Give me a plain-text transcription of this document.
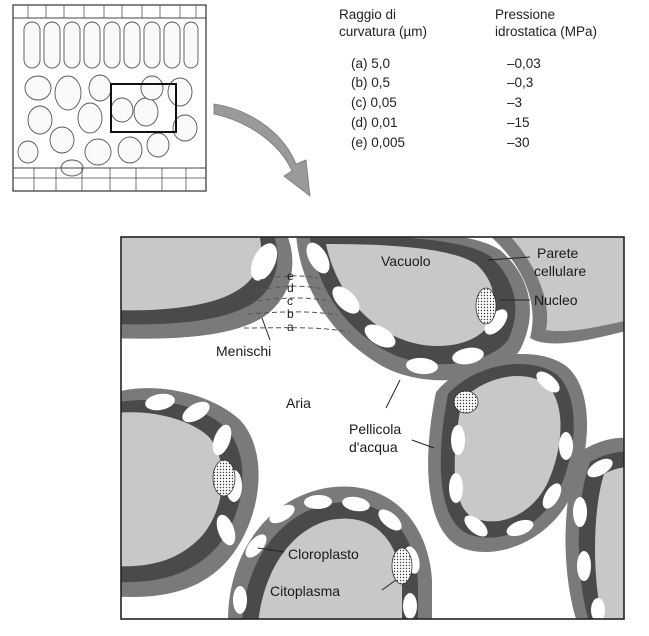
Vacuolo	Parete
cellulare
Nucleo
Menischi
Aria
Pellicola
d'acqua
Cloroplasto
Citoplasma
e
d
c
b
a
Raggio di
curvatura (µm)
Pressione
idrostatica (MPa)
(a) 5,0	–0,03
(b) 0,5	–0,3
(c) 0,05	–3
(d) 0,01	–15
(e) 0,005	–30
